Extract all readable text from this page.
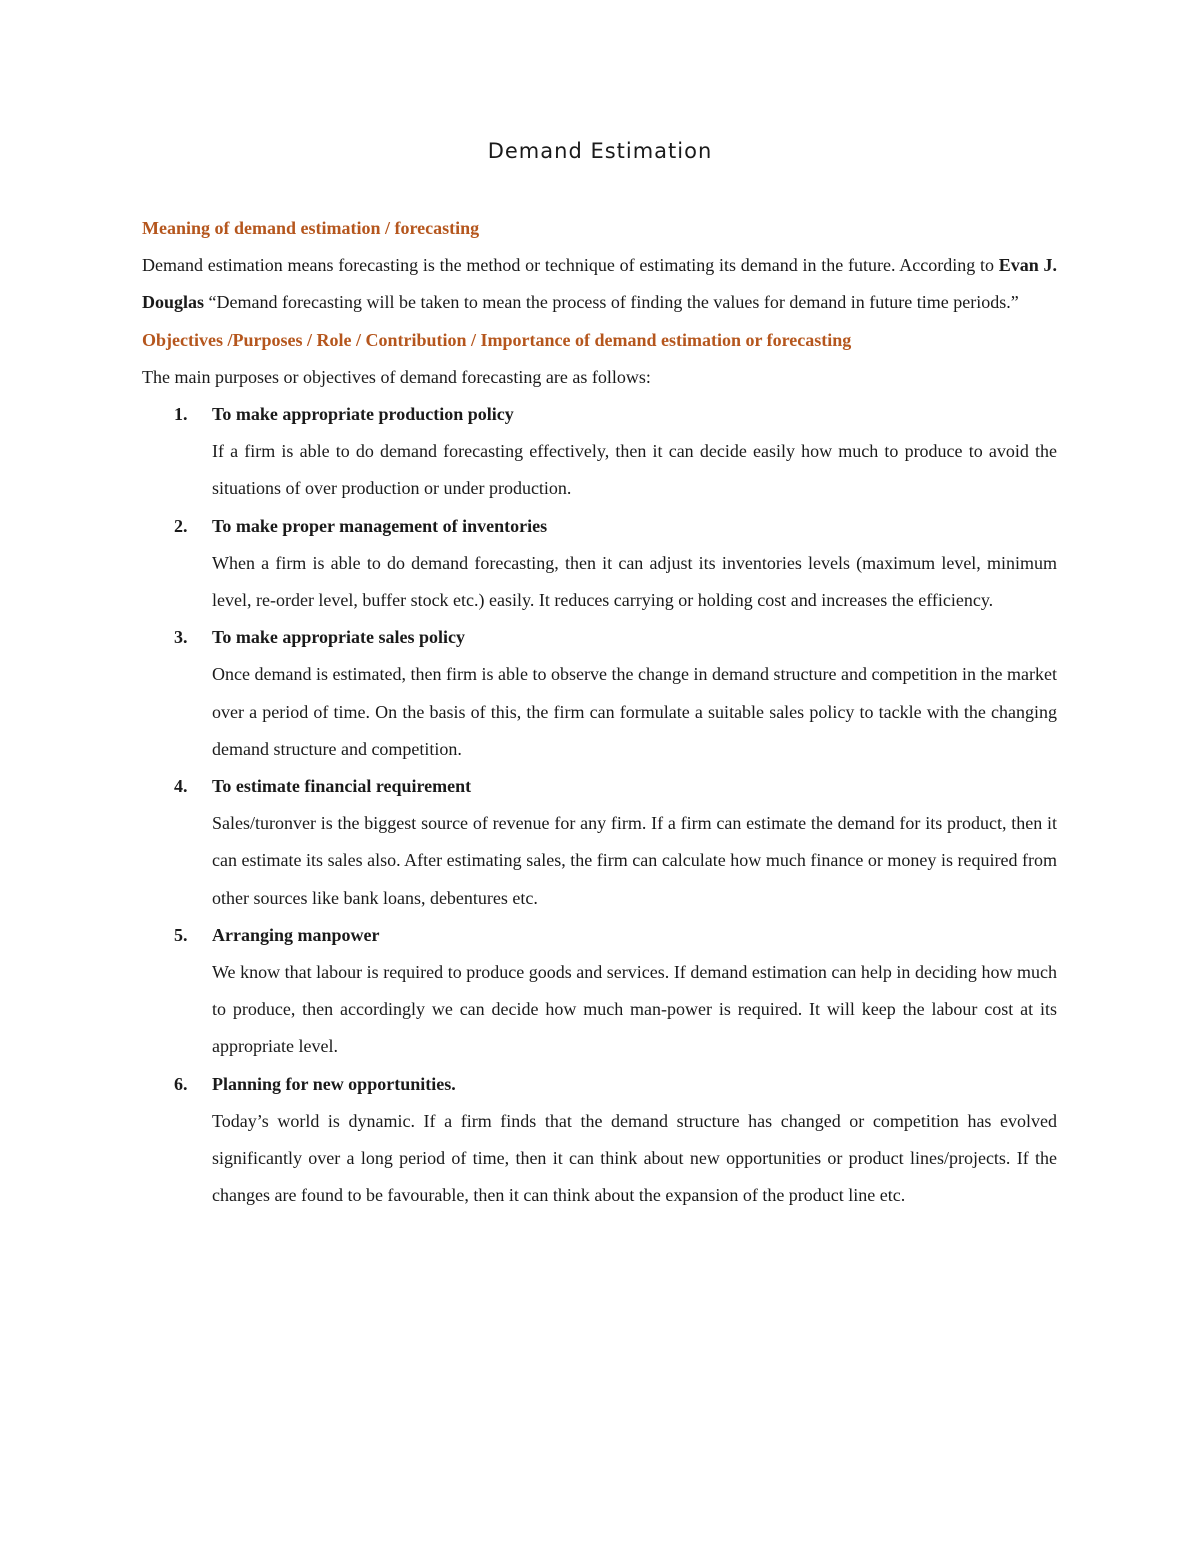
Demand Estimation

Meaning of demand estimation / forecasting

Demand estimation means forecasting is the method or technique of estimating its demand in the future. According to Evan J. Douglas “Demand forecasting will be taken to mean the process of finding the values for demand in future time periods.”

Objectives /Purposes / Role / Contribution / Importance of demand estimation or forecasting

The main purposes or objectives of demand forecasting are as follows:

1. To make appropriate production policy

If a firm is able to do demand forecasting effectively, then it can decide easily how much to produce to avoid the situations of over production or under production.

2. To make proper management of inventories

When a firm is able to do demand forecasting, then it can adjust its inventories levels (maximum level, minimum level, re-order level, buffer stock etc.) easily. It reduces carrying or holding cost and increases the efficiency.

3. To make appropriate sales policy

Once demand is estimated, then firm is able to observe the change in demand structure and competition in the market over a period of time. On the basis of this, the firm can formulate a suitable sales policy to tackle with the changing demand structure and competition.

4. To estimate financial requirement

Sales/turonver is the biggest source of revenue for any firm. If a firm can estimate the demand for its product, then it can estimate its sales also. After estimating sales, the firm can calculate how much finance or money is required from other sources like bank loans, debentures etc.

5. Arranging manpower

We know that labour is required to produce goods and services. If demand estimation can help in deciding how much to produce, then accordingly we can decide how much man-power is required. It will keep the labour cost at its appropriate level.

6. Planning for new opportunities.

Today’s world is dynamic. If a firm finds that the demand structure has changed or competition has evolved significantly over a long period of time, then it can think about new opportunities or product lines/projects. If the changes are found to be favourable, then it can think about the expansion of the product line etc.
